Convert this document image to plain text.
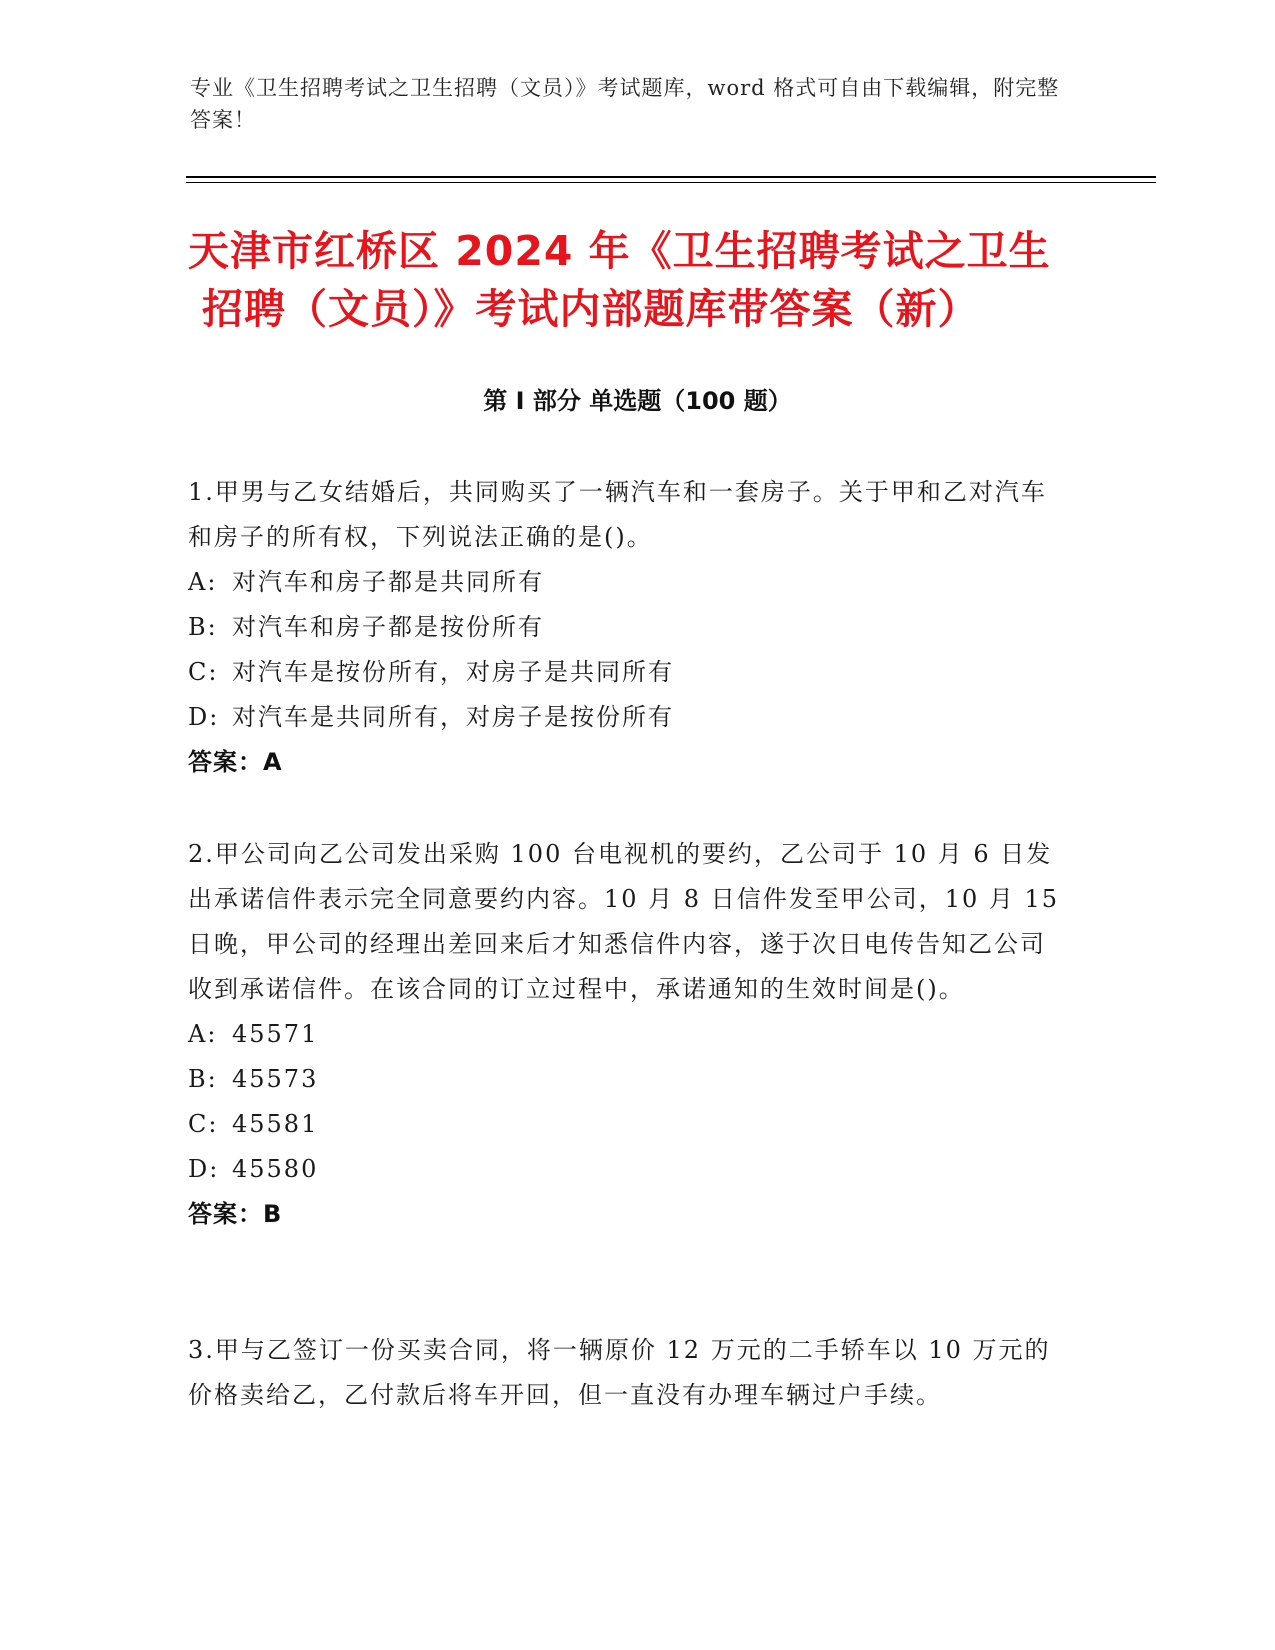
专业《卫生招聘考试之卫生招聘（文员）》考试题库，word 格式可自由下载编辑，附完整答案！
天津市红桥区 2024 年《卫生招聘考试之卫生
招聘（文员）》考试内部题库带答案（新）
第 I 部分 单选题（100 题）
1.甲男与乙女结婚后，共同购买了一辆汽车和一套房子。关于甲和乙对汽车和房子的所有权，下列说法正确的是()。
A: 对汽车和房子都是共同所有
B: 对汽车和房子都是按份所有
C: 对汽车是按份所有，对房子是共同所有
D: 对汽车是共同所有，对房子是按份所有
答案：A
2.甲公司向乙公司发出采购 100 台电视机的要约，乙公司于 10 月 6 日发出承诺信件表示完全同意要约内容。10 月 8 日信件发至甲公司，10 月 15 日晚，甲公司的经理出差回来后才知悉信件内容，遂于次日电传告知乙公司收到承诺信件。在该合同的订立过程中，承诺通知的生效时间是()。
A: 45571
B: 45573
C: 45581
D: 45580
答案：B
3.甲与乙签订一份买卖合同，将一辆原价 12 万元的二手轿车以 10 万元的价格卖给乙，乙付款后将车开回，但一直没有办理车辆过户手续。
